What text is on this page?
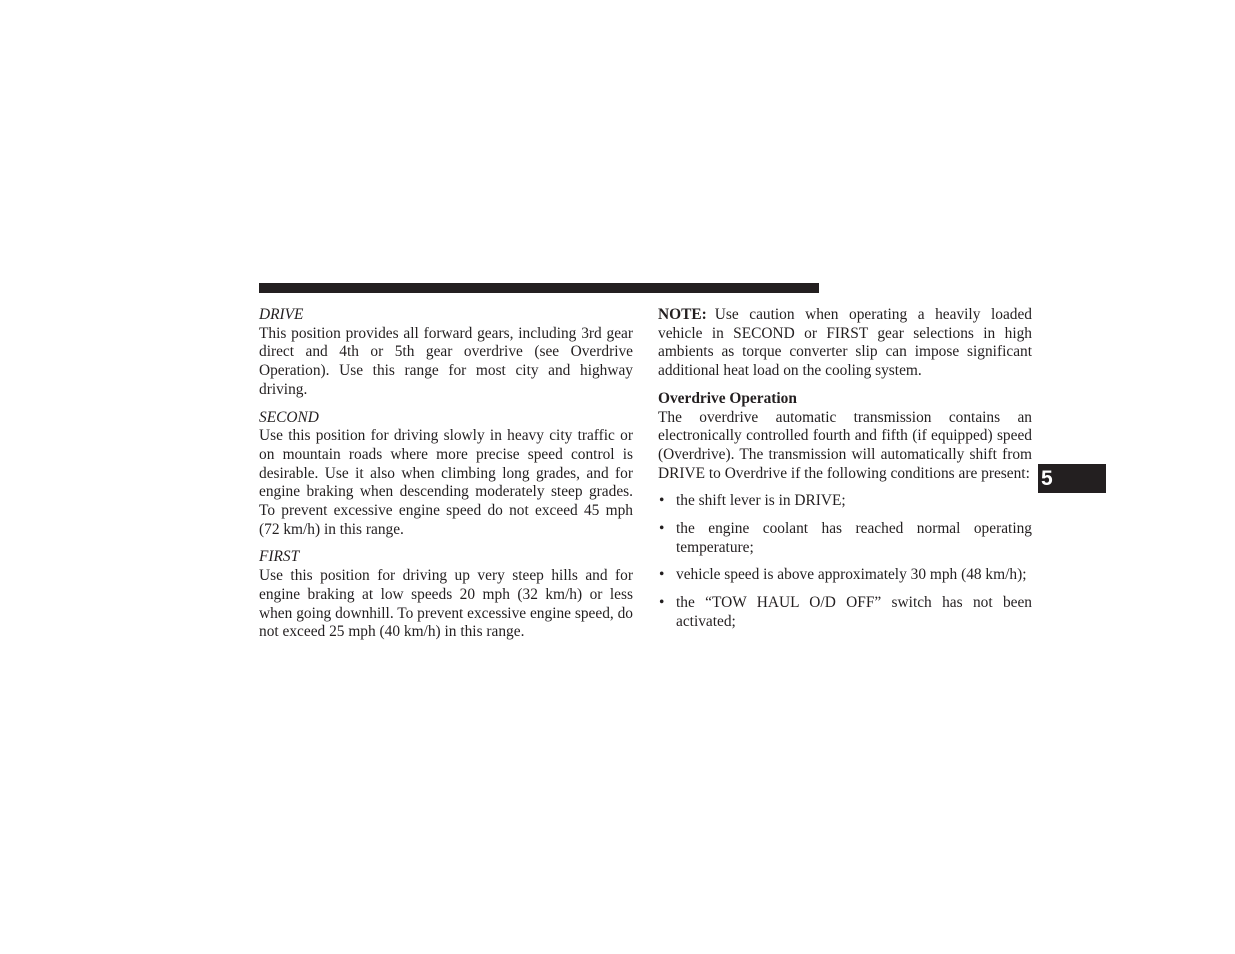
DRIVE

This position provides all forward gears, including 3rd gear direct and 4th or 5th gear overdrive (see Overdrive Operation). Use this range for most city and highway driving.

SECOND

Use this position for driving slowly in heavy city traffic or on mountain roads where more precise speed control is desirable. Use it also when climbing long grades, and for engine braking when descending moderately steep grades. To prevent excessive engine speed do not exceed 45 mph (72 km/h) in this range.

FIRST

Use this position for driving up very steep hills and for engine braking at low speeds 20 mph (32 km/h) or less when going downhill. To prevent excessive engine speed, do not exceed 25 mph (40 km/h) in this range.

NOTE: Use caution when operating a heavily loaded vehicle in SECOND or FIRST gear selections in high ambients as torque converter slip can impose significant additional heat load on the cooling system.

Overdrive Operation

The overdrive automatic transmission contains an electronically controlled fourth and fifth (if equipped) speed (Overdrive). The transmission will automatically shift from DRIVE to Overdrive if the following conditions are present:

• the shift lever is in DRIVE;
• the engine coolant has reached normal operating temperature;
• vehicle speed is above approximately 30 mph (48 km/h);
• the “TOW HAUL O/D OFF” switch has not been activated;
5
